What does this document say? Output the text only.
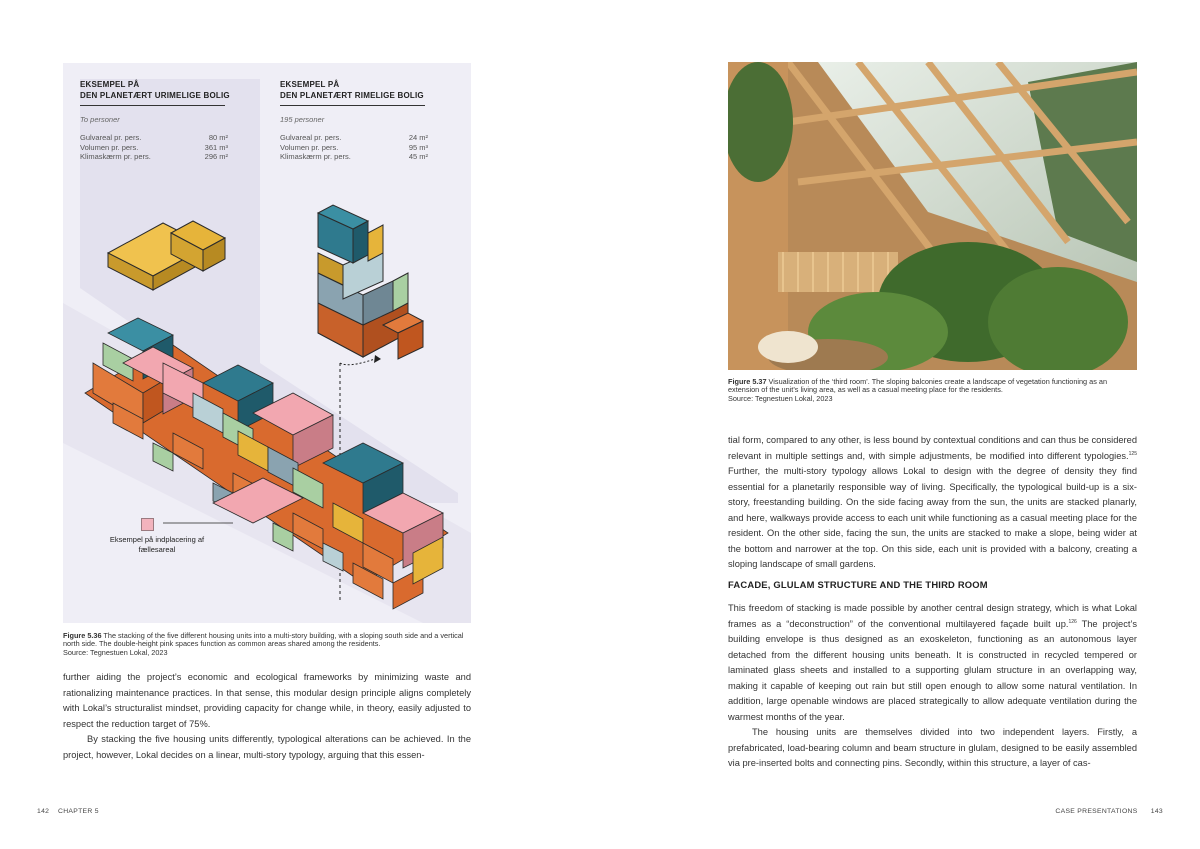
EKSEMPEL PÅ
DEN PLANETÆRT URIMELIGE BOLIG
To personer
Gulvareal pr. pers.	80 m²
Volumen pr. pers.	361 m³
Klimaskærm pr. pers.	296 m²
EKSEMPEL PÅ
DEN PLANETÆRT RIMELIGE BOLIG
195 personer
Gulvareal pr. pers.	24 m²
Volumen pr. pers.	95 m³
Klimaskærm pr. pers.	45 m²
Eksempel på indplacering af
fællesareal
Figure 5.36 The stacking of the five different housing units into a multi-story building, with a sloping south side and a vertical north side. The double-height pink spaces function as common areas shared among the residents.
Source: Tegnestuen Lokal, 2023

further aiding the project’s economic and ecological frameworks by minimizing waste and rationalizing maintenance practices. In that sense, this modular design principle aligns completely with Lokal’s structuralist mindset, providing capacity for change while, in theory, easily adjusted to respect the reduction target of 75%.

By stacking the five housing units differently, typological alterations can be achieved. In the project, however, Lokal decides on a linear, multi-story typology, arguing that this essen-

142 CHAPTER 5
Figure 5.37 Visualization of the ‘third room’. The sloping balconies create a landscape of vegetation functioning as an extension of the unit’s living area, as well as a casual meeting place for the residents.
Source: Tegnestuen Lokal, 2023

tial form, compared to any other, is less bound by contextual conditions and can thus be considered relevant in multiple settings and, with simple adjustments, be modified into different typologies.$^{125}$ Further, the multi-story typology allows Lokal to design with the degree of density they find essential for a planetarily responsible way of living. Specifically, the typological build-up is a six-story, freestanding building. On the side facing away from the sun, the units are stacked planarly, and here, walkways provide access to each unit while functioning as a casual meeting place for the resident. On the other side, facing the sun, the units are stacked to make a slope, being wider at the bottom and narrower at the top. On this side, each unit is provided with a balcony, creating a sloping landscape of small gardens.

FACADE, GLULAM STRUCTURE AND THE THIRD ROOM

This freedom of stacking is made possible by another central design strategy, which is what Lokal frames as a “deconstruction” of the conventional multilayered façade built up.$^{126}$ The project’s building envelope is thus designed as an exoskeleton, functioning as an autonomous layer detached from the different housing units beneath. It is constructed in recycled tempered or laminated glass sheets and installed to a supporting glulam structure in an overlapping way, making it capable of keeping out rain but still open enough to allow some natural ventilation. In addition, large openable windows are placed strategically to allow adequate ventilation during the warmest months of the year.

The housing units are themselves divided into two independent layers. Firstly, a prefabricated, load-bearing column and beam structure in glulam, designed to be easily assembled via pre-inserted bolts and connecting pins. Secondly, within this structure, a layer of cas-

CASE PRESENTATIONS 143
